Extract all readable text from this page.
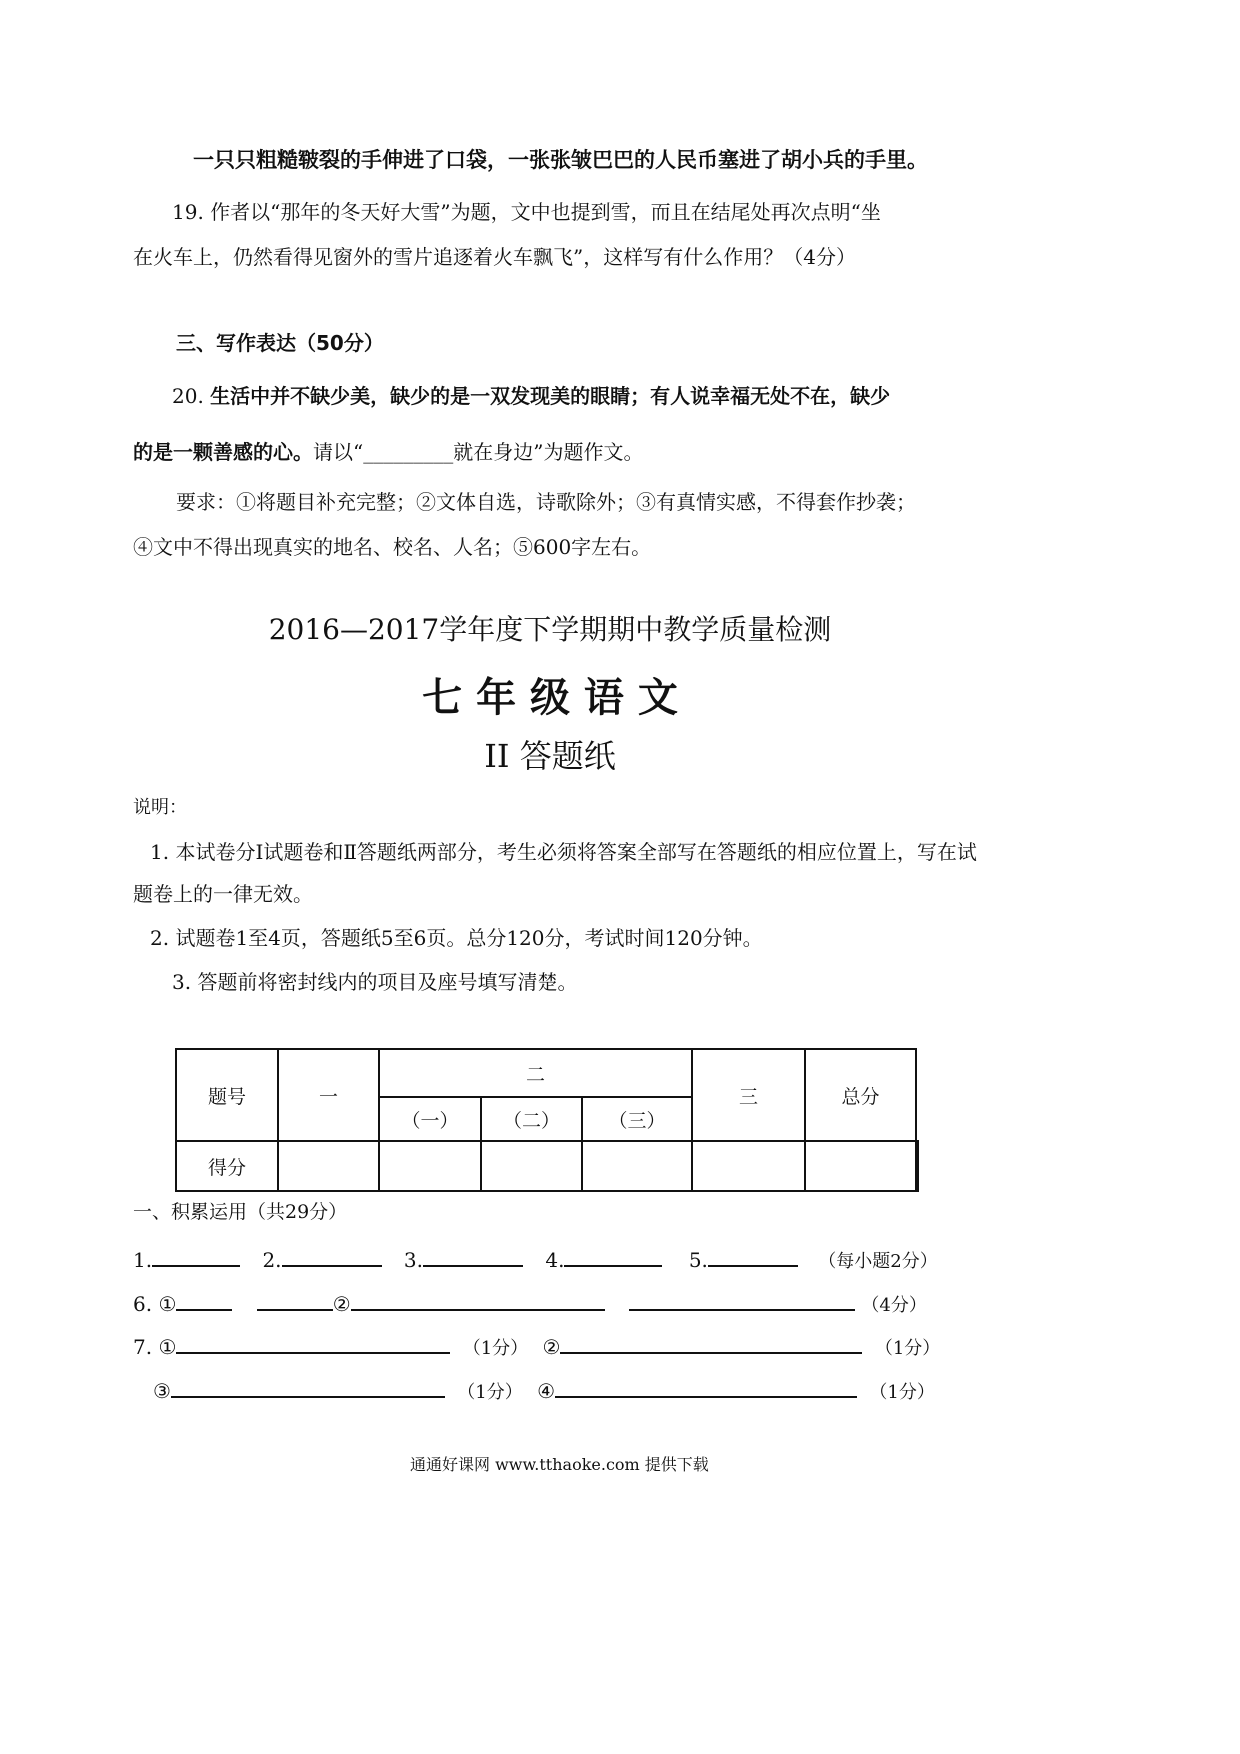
一只只粗糙皲裂的手伸进了口袋，一张张皱巴巴的人民币塞进了胡小兵的手里。
19. 作者以“那年的冬天好大雪”为题，文中也提到雪，而且在结尾处再次点明“坐
在火车上，仍然看得见窗外的雪片追逐着火车飘飞”，这样写有什么作用？（4分）
三、写作表达（50分）
20. 生活中并不缺少美，缺少的是一双发现美的眼睛；有人说幸福无处不在，缺少
的是一颗善感的心。请以“_________就在身边”为题作文。
要求：①将题目补充完整；②文体自选，诗歌除外；③有真情实感，不得套作抄袭；
④文中不得出现真实的地名、校名、人名；⑤600字左右。
2016—2017学年度下学期期中教学质量检测
七 年 级 语 文
II 答题纸
说明：
1. 本试卷分Ⅰ试题卷和Ⅱ答题纸两部分，考生必须将答案全部写在答题纸的相应位置上，写在试
题卷上的一律无效。
2. 试题卷1至4页，答题纸5至6页。总分120分，考试时间120分钟。
3. 答题前将密封线内的项目及座号填写清楚。
题号	一	二			三	总分	
		（一）	（二）	（三）			
得分							
一、积累运用（共29分）
1.	2.	3.	4.	5.	（每小题2分）
6. ①	②	（4分）
7. ①	（1分） ②	（1分）
③	（1分） ④	（1分）
通通好课网 www.tthaoke.com 提供下载
